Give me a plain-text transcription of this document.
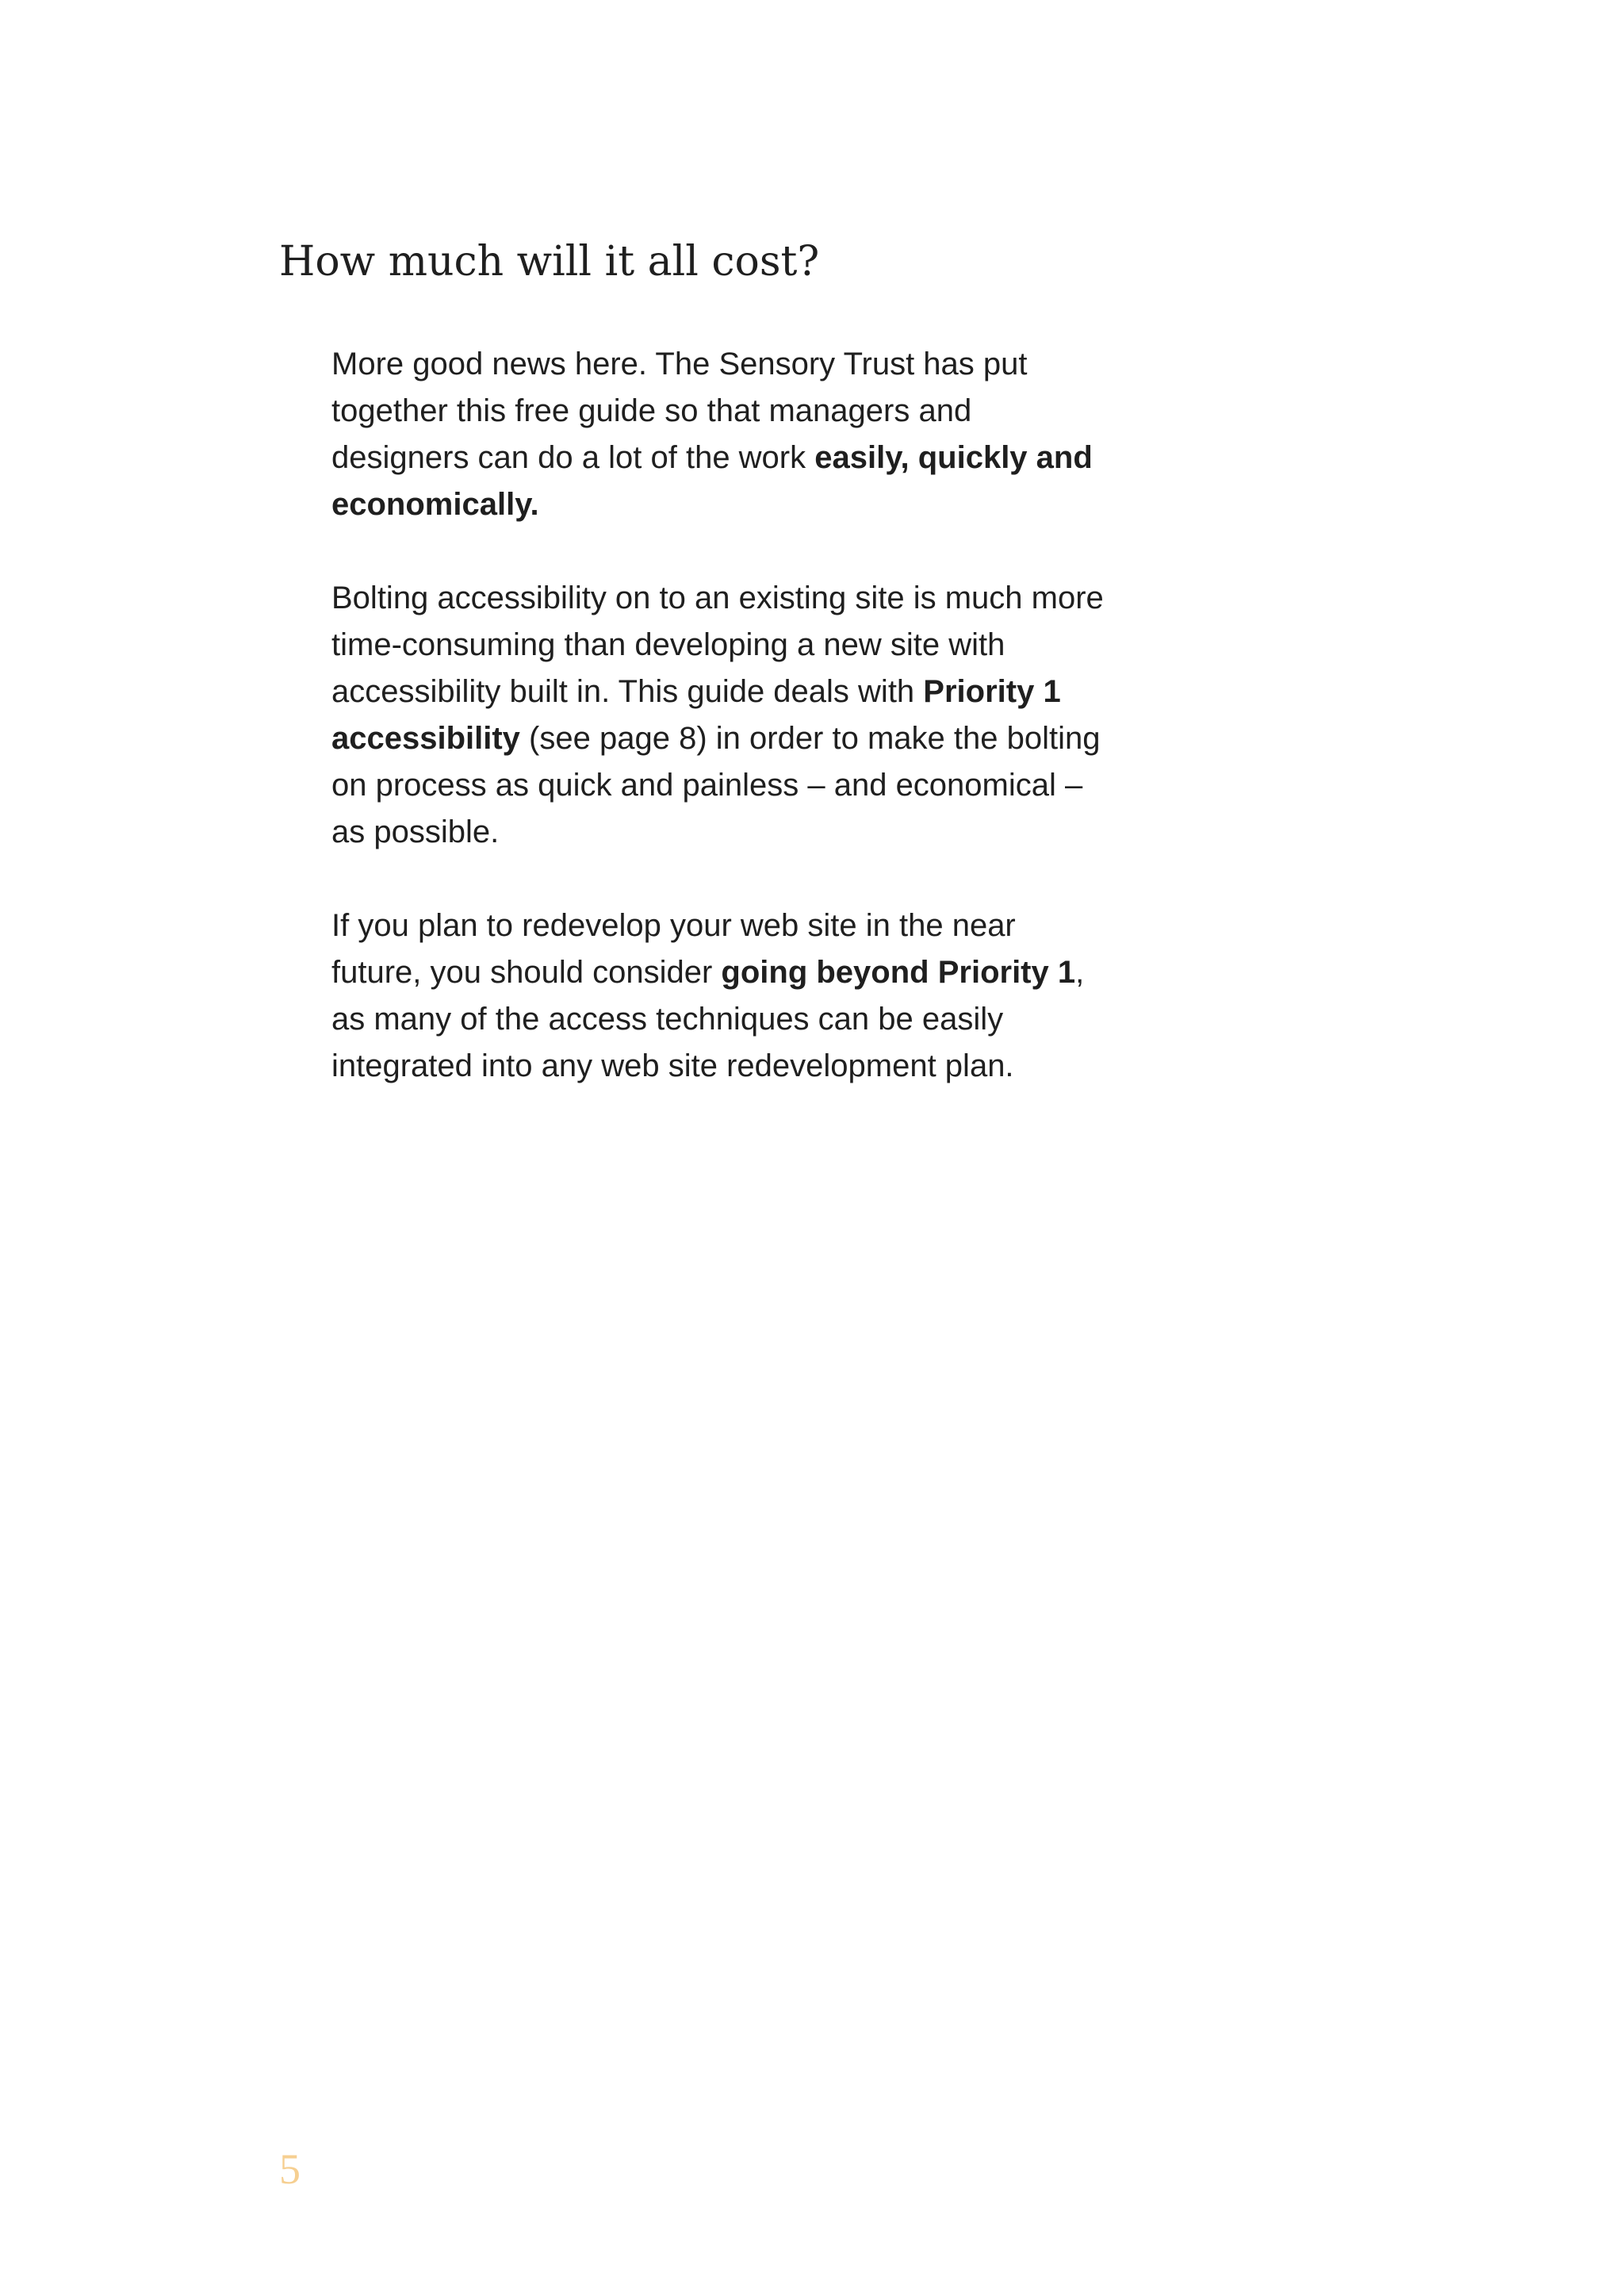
How much will it all cost?

More good news here. The Sensory Trust has put together this free guide so that managers and designers can do a lot of the work easily, quickly and economically.

Bolting accessibility on to an existing site is much more time-consuming than developing a new site with accessibility built in. This guide deals with Priority 1 accessibility (see page 8) in order to make the bolting on process as quick and painless – and economical – as possible.

If you plan to redevelop your web site in the near future, you should consider going beyond Priority 1, as many of the access techniques can be easily integrated into any web site redevelopment plan.

5
